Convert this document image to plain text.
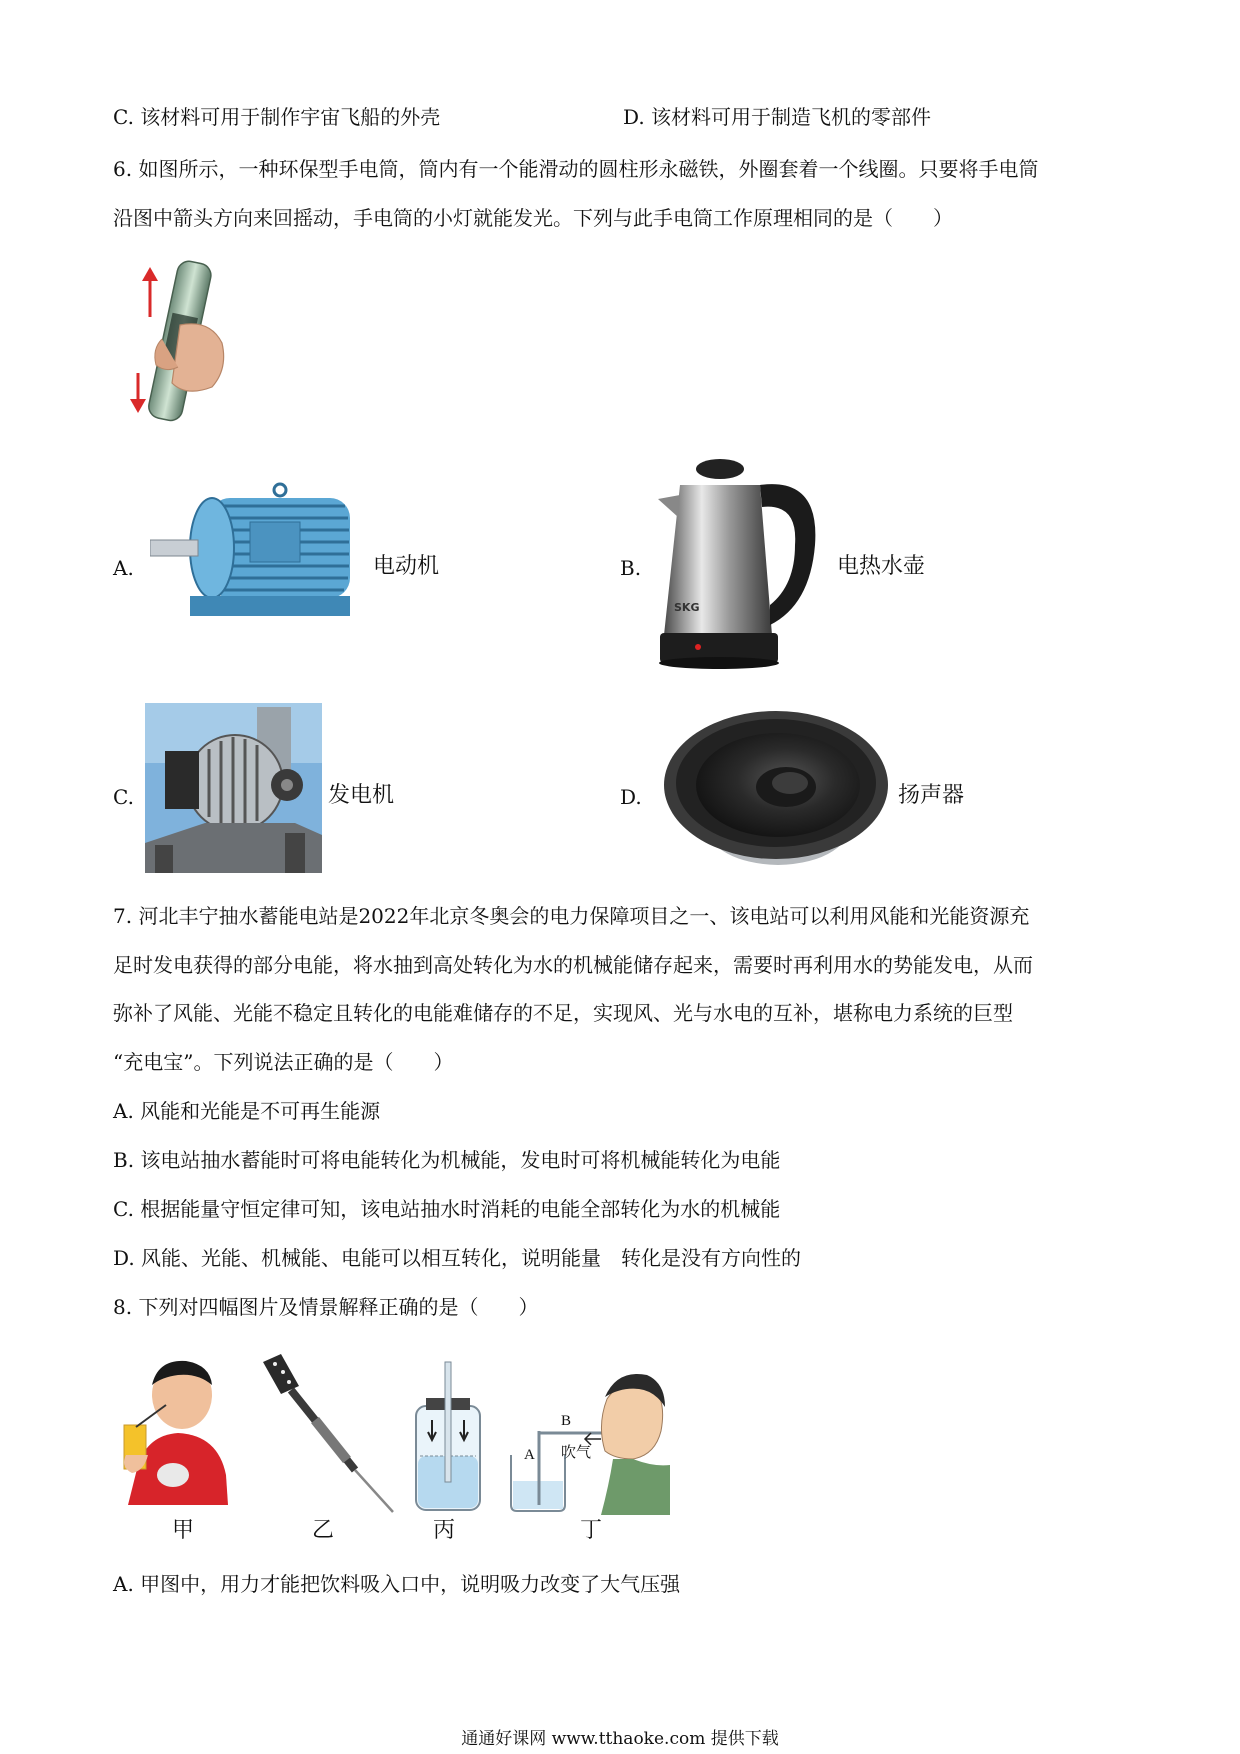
C. 该材料可用于制作宇宙飞船的外壳	D. 该材料可用于制造飞机的零部件
6. 如图所示，一种环保型手电筒，筒内有一个能滑动的圆柱形永磁铁，外圈套着一个线圈。只要将手电筒
沿图中箭头方向来回摇动，手电筒的小灯就能发光。下列与此手电筒工作原理相同的是（　　）
A.	电动机	B.
SKG
电热水壶
C.	发电机	D.	扬声器
7. 河北丰宁抽水蓄能电站是2022年北京冬奥会的电力保障项目之一、该电站可以利用风能和光能资源充
足时发电获得的部分电能，将水抽到高处转化为水的机械能储存起来，需要时再利用水的势能发电，从而
弥补了风能、光能不稳定且转化的电能难储存的不足，实现风、光与水电的互补，堪称电力系统的巨型
“充电宝”。下列说法正确的是（　　）
A. 风能和光能是不可再生能源
B. 该电站抽水蓄能时可将电能转化为机械能，发电时可将机械能转化为电能
C. 根据能量守恒定律可知，该电站抽水时消耗的电能全部转化为水的机械能
D. 风能、光能、机械能、电能可以相互转化，说明能量　转化是没有方向性的
8. 下列对四幅图片及情景解释正确的是（　　）
甲	乙	丙
A
B
吹气
丁
A. 甲图中，用力才能把饮料吸入口中，说明吸力改变了大气压强
通通好课网 www.tthaoke.com 提供下载
